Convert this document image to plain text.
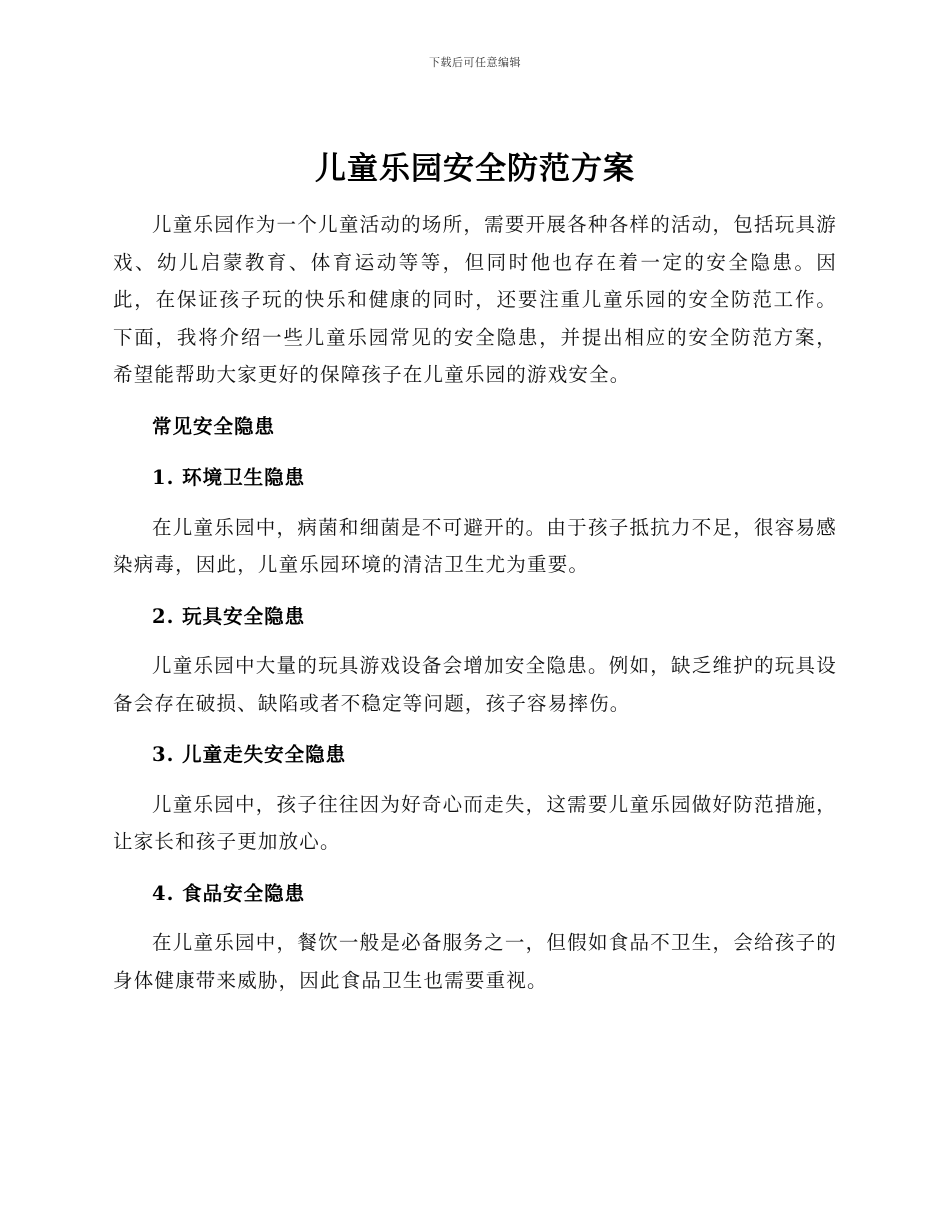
下载后可任意编辑
儿童乐园安全防范方案

儿童乐园作为一个儿童活动的场所，需要开展各种各样的活动，包括玩具游戏、幼儿启蒙教育、体育运动等等，但同时他也存在着一定的安全隐患。因此，在保证孩子玩的快乐和健康的同时，还要注重儿童乐园的安全防范工作。下面，我将介绍一些儿童乐园常见的安全隐患，并提出相应的安全防范方案，希望能帮助大家更好的保障孩子在儿童乐园的游戏安全。

常见安全隐患
1. 环境卫生隐患

在儿童乐园中，病菌和细菌是不可避开的。由于孩子抵抗力不足，很容易感染病毒，因此，儿童乐园环境的清洁卫生尤为重要。

2. 玩具安全隐患

儿童乐园中大量的玩具游戏设备会增加安全隐患。例如，缺乏维护的玩具设备会存在破损、缺陷或者不稳定等问题，孩子容易摔伤。

3. 儿童走失安全隐患

儿童乐园中，孩子往往因为好奇心而走失，这需要儿童乐园做好防范措施，让家长和孩子更加放心。

4. 食品安全隐患

在儿童乐园中，餐饮一般是必备服务之一，但假如食品不卫生，会给孩子的身体健康带来威胁，因此食品卫生也需要重视。
